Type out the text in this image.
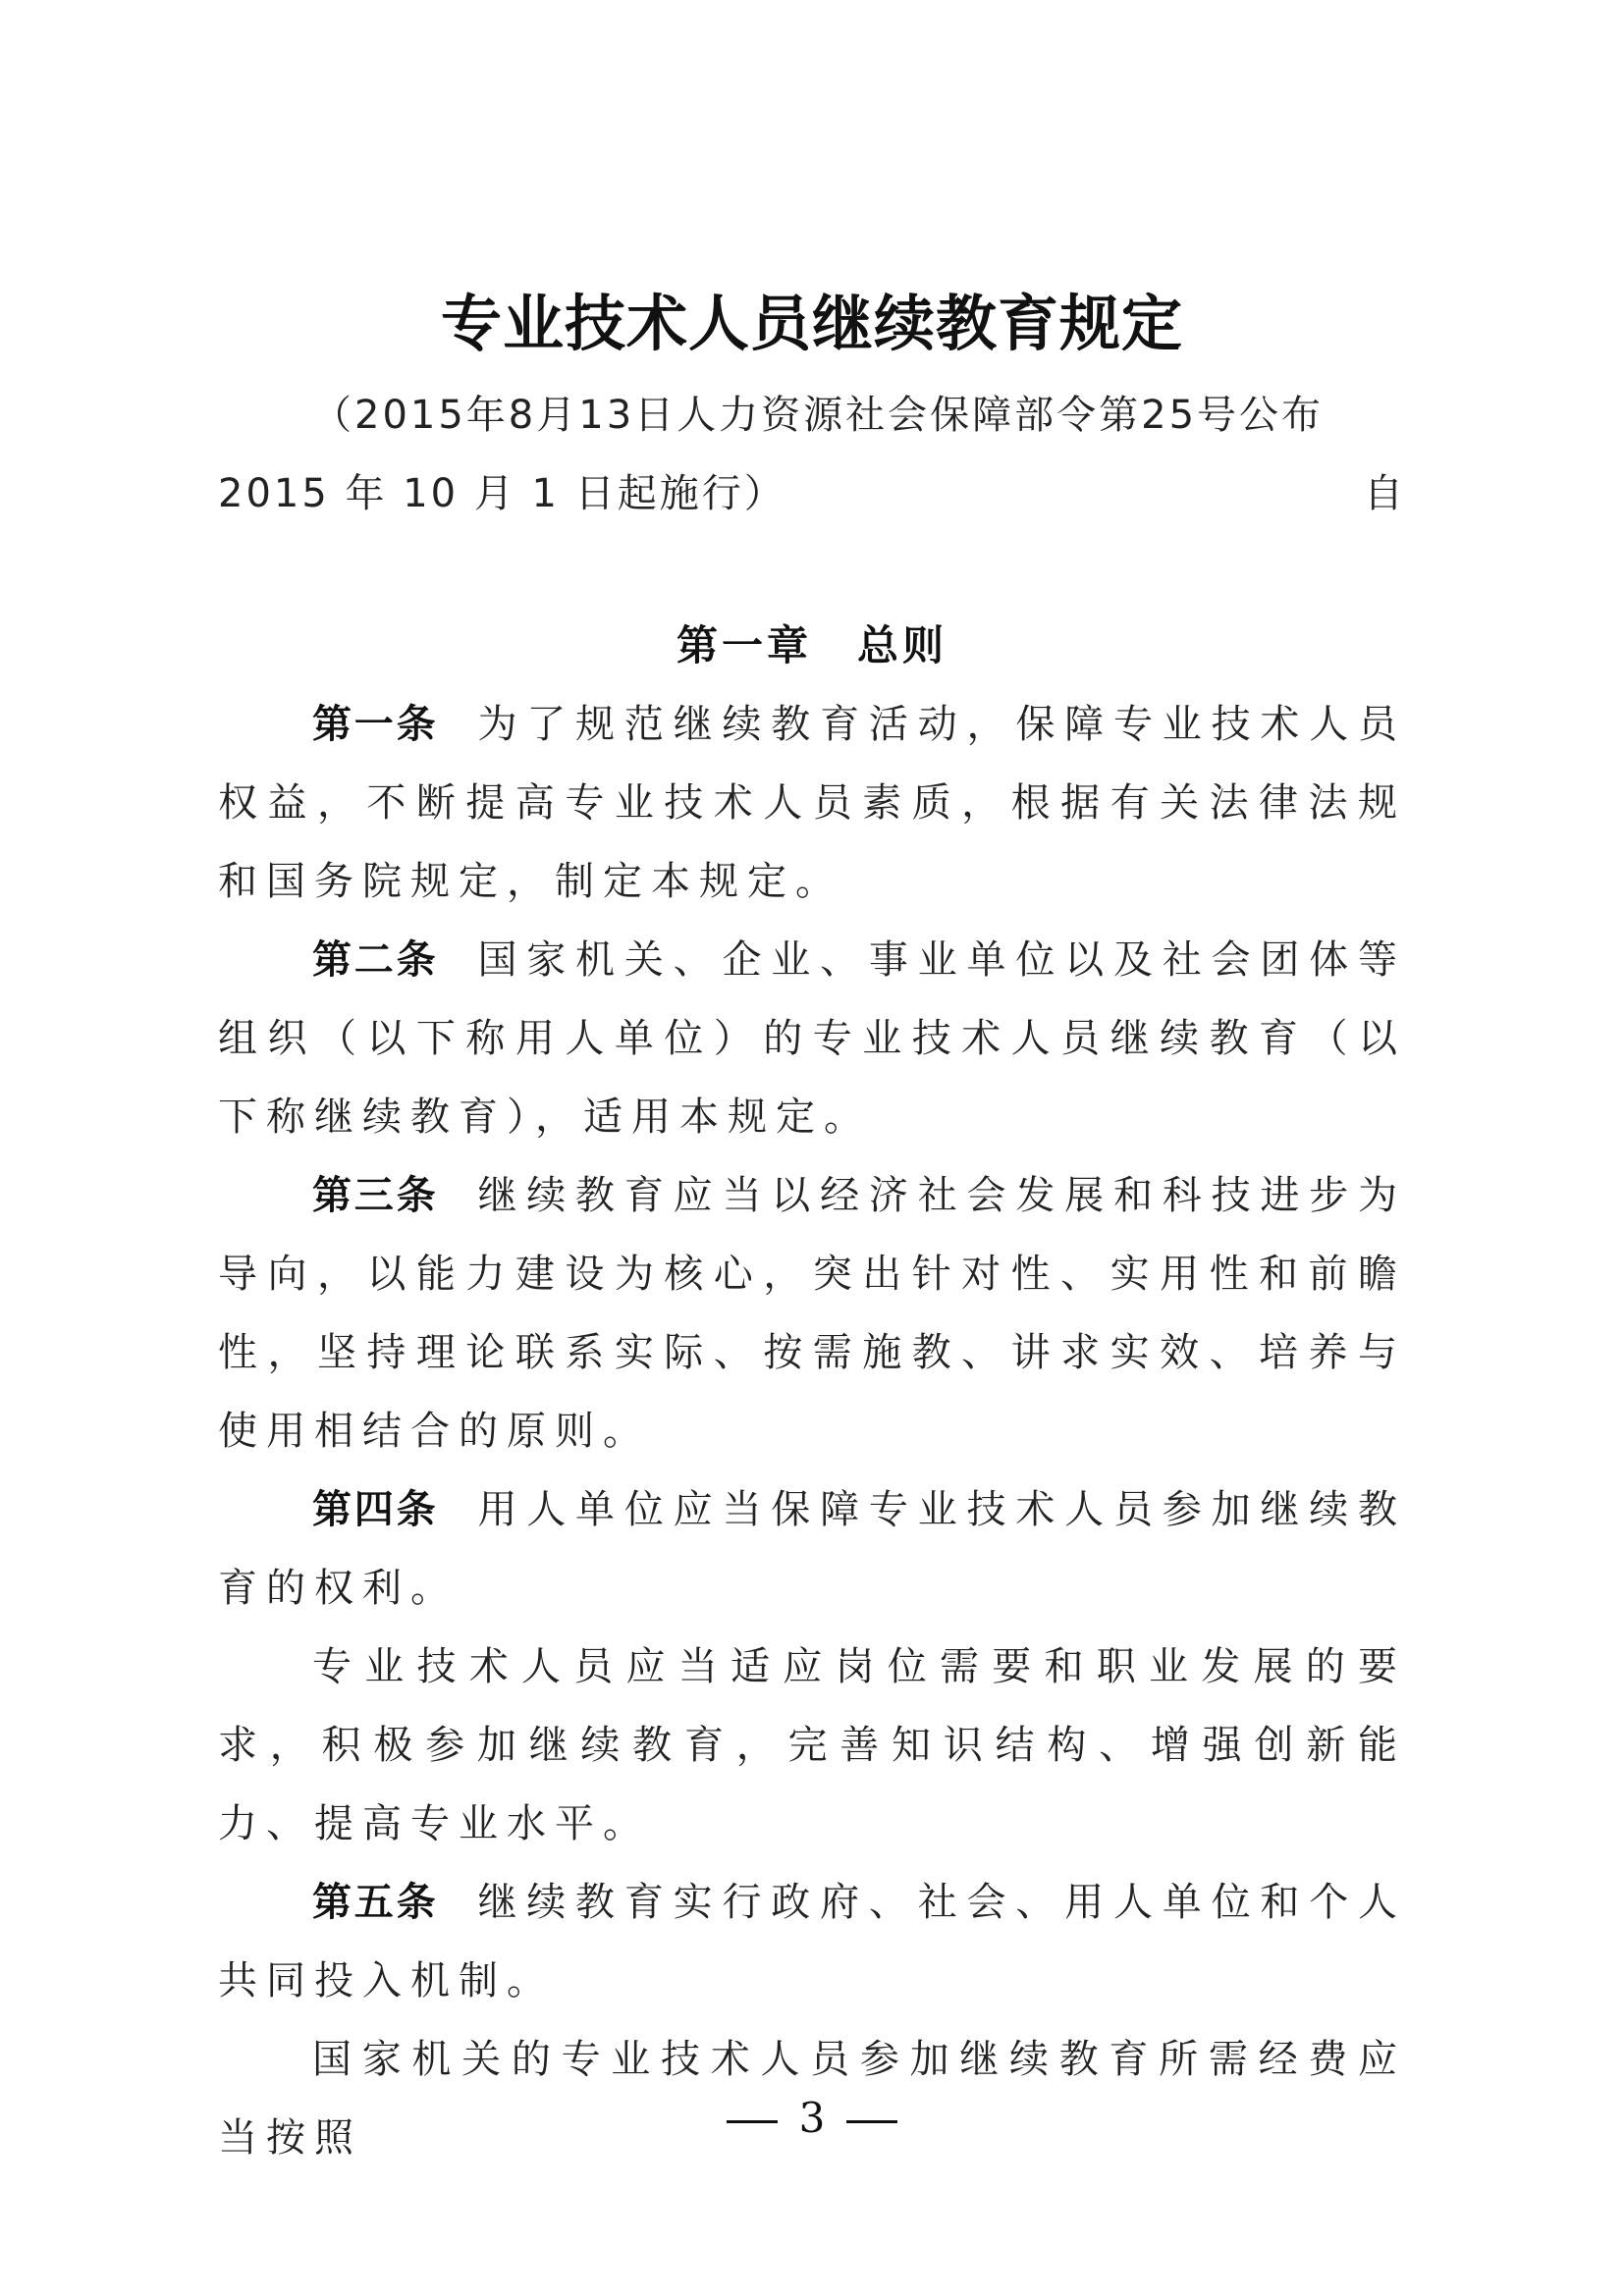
专业技术人员继续教育规定
（2015年8月13日人力资源社会保障部令第25号公布
自

2015 年 10 月 1 日起施行）
第一章　总则

第一条 为了规范继续教育活动，保障专业技术人员权益，不断提高专业技术人员素质，根据有关法律法规和国务院规定，制定本规定。

第二条 国家机关、企业、事业单位以及社会团体等组织（以下称用人单位）的专业技术人员继续教育（以下称继续教育），适用本规定。

第三条 继续教育应当以经济社会发展和科技进步为导向，以能力建设为核心，突出针对性、实用性和前瞻性，坚持理论联系实际、按需施教、讲求实效、培养与使用相结合的原则。

第四条 用人单位应当保障专业技术人员参加继续教育的权利。

专业技术人员应当适应岗位需要和职业发展的要求，积极参加继续教育，完善知识结构、增强创新能力、提高专业水平。

第五条 继续教育实行政府、社会、用人单位和个人共同投入机制。

国家机关的专业技术人员参加继续教育所需经费应当按照	3
